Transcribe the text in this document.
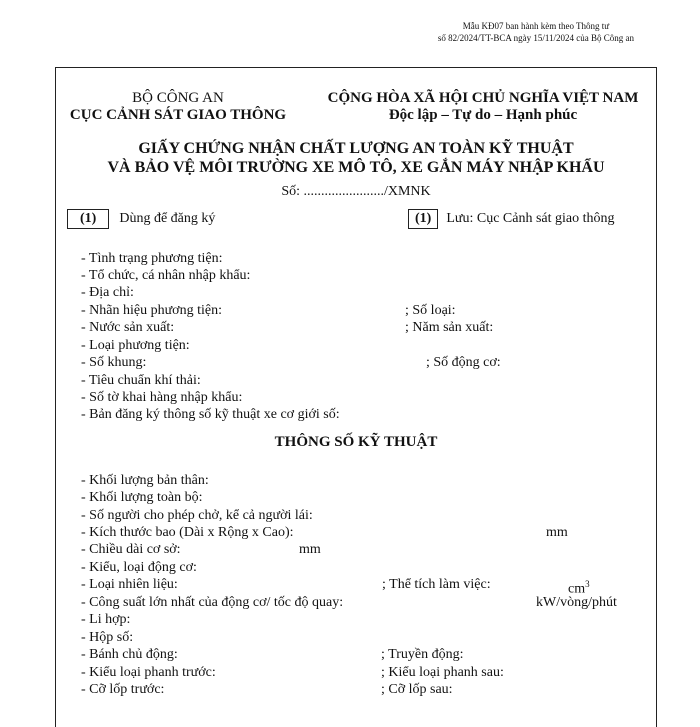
Mẫu KĐ07 ban hành kèm theo Thông tư
số 82/2024/TT-BCA ngày 15/11/2024 của Bộ Công an
BỘ CÔNG AN
CỤC CẢNH SÁT GIAO THÔNG
CỘNG HÒA XÃ HỘI CHỦ NGHĨA VIỆT NAM
Độc lập – Tự do – Hạnh phúc
GIẤY CHỨNG NHẬN CHẤT LƯỢNG AN TOÀN KỸ THUẬT
VÀ BẢO VỆ MÔI TRƯỜNG XE MÔ TÔ, XE GẮN MÁY NHẬP KHẨU
Số: ......................./XMNK
(1)	Dùng để đăng ký	(1)	Lưu: Cục Cảnh sát giao thông
- Tình trạng phương tiện:
- Tổ chức, cá nhân nhập khẩu:
- Địa chỉ:
- Nhãn hiệu phương tiện:	; Số loại:
- Nước sản xuất:	; Năm sản xuất:
- Loại phương tiện:
- Số khung:	; Số động cơ:
- Tiêu chuẩn khí thải:
- Số tờ khai hàng nhập khẩu:
- Bản đăng ký thông số kỹ thuật xe cơ giới số:
THÔNG SỐ KỸ THUẬT
- Khối lượng bản thân:
- Khối lượng toàn bộ:
- Số người cho phép chở, kể cả người lái:
- Kích thước bao (Dài x Rộng x Cao):	mm
- Chiều dài cơ sở:	mm
- Kiểu, loại động cơ:
- Loại nhiên liệu:	; Thể tích làm việc:	$cm^3$
- Công suất lớn nhất của động cơ/ tốc độ quay:	kW/vòng/phút
- Li hợp:
- Hộp số:
- Bánh chủ động:	; Truyền động:
- Kiểu loại phanh trước:	; Kiểu loại phanh sau:
- Cỡ lốp trước:	; Cỡ lốp sau:
